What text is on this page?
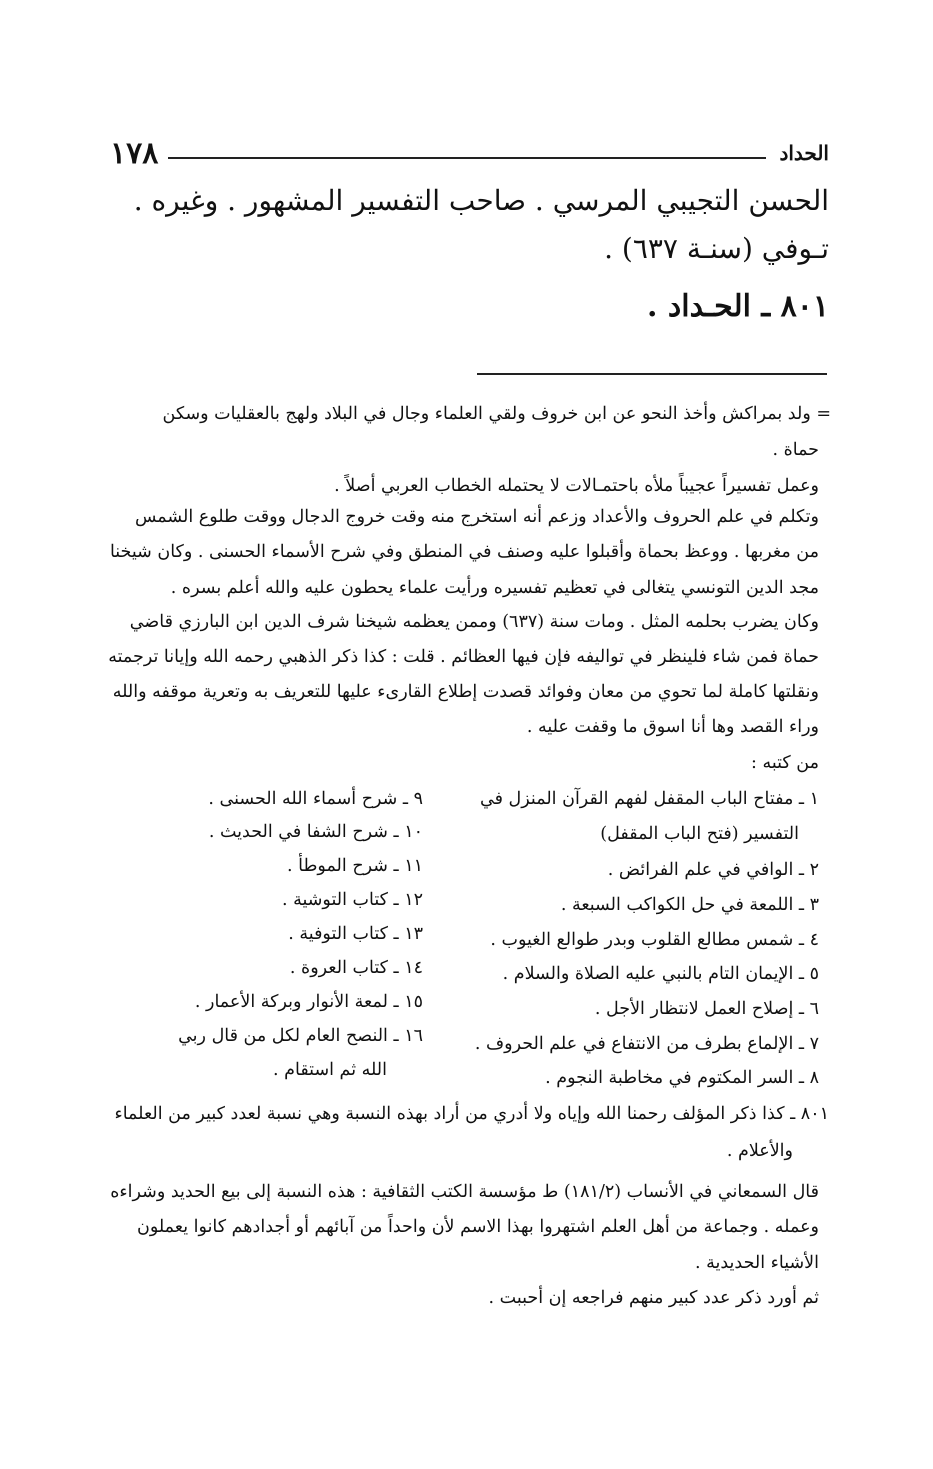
الحداد
١٧٨
الحسن التجيبي المرسي . صاحب التفسير المشهور . وغيره .
تـوفي (سنـة ٦٣٧) .
٨٠١ ـ الحـداد .
= ولد بمراكش وأخذ النحو عن ابن خروف ولقي العلماء وجال في البلاد ولهج بالعقليات وسكن
حماة .
وعمل تفسيراً عجيباً ملأه باحتمـالات لا يحتمله الخطاب العربي أصلاً .
وتكلم في علم الحروف والأعداد وزعم أنه استخرج منه وقت خروج الدجال ووقت طلوع الشمس
من مغربها . ووعظ بحماة وأقبلوا عليه وصنف في المنطق وفي شرح الأسماء الحسنى . وكان شيخنا
مجد الدين التونسي يتغالى في تعظيم تفسيره ورأيت علماء يحطون عليه والله أعلم بسره .
وكان يضرب بحلمه المثل . ومات سنة (٦٣٧) وممن يعظمه شيخنا شرف الدين ابن البارزي قاضي
حماة فمن شاء فلينظر في تواليفه فإن فيها العظائم . قلت : كذا ذكر الذهبي رحمه الله وإيانا ترجمته
ونقلتها كاملة لما تحوي من معان وفوائد قصدت إطلاع القارىء عليها للتعريف به وتعرية موقفه والله
وراء القصد وها أنا اسوق ما وقفت عليه .
من كتبه :
١ ـ مفتاح الباب المقفل لفهم القرآن المنزل في
التفسير (فتح الباب المقفل)
٢ ـ الوافي في علم الفرائض .
٣ ـ اللمعة في حل الكواكب السبعة .
٤ ـ شمس مطالع القلوب وبدر طوالع الغيوب .
٥ ـ الإيمان التام بالنبي عليه الصلاة والسلام .
٦ ـ إصلاح العمل لانتظار الأجل .
٧ ـ الإلماع بطرف من الانتفاع في علم الحروف .
٨ ـ السر المكتوم في مخاطبة النجوم .
٩ ـ شرح أسماء الله الحسنى .
١٠ ـ شرح الشفا في الحديث .
١١ ـ شرح الموطأ .
١٢ ـ كتاب التوشية .
١٣ ـ كتاب التوفية .
١٤ ـ كتاب العروة .
١٥ ـ لمعة الأنوار وبركة الأعمار .
١٦ ـ النصح العام لكل من قال ربي
الله ثم استقام .
٨٠١ ـ كذا ذكر المؤلف رحمنا الله وإياه ولا أدري من أراد بهذه النسبة وهي نسبة لعدد كبير من العلماء
والأعلام .
قال السمعاني في الأنساب (١٨١/٢) ط مؤسسة الكتب الثقافية : هذه النسبة إلى بيع الحديد وشراءه
وعمله . وجماعة من أهل العلم اشتهروا بهذا الاسم لأن واحداً من آبائهم أو أجدادهم كانوا يعملون
الأشياء الحديدية .
ثم أورد ذكر عدد كبير منهم فراجعه إن أحببت .
